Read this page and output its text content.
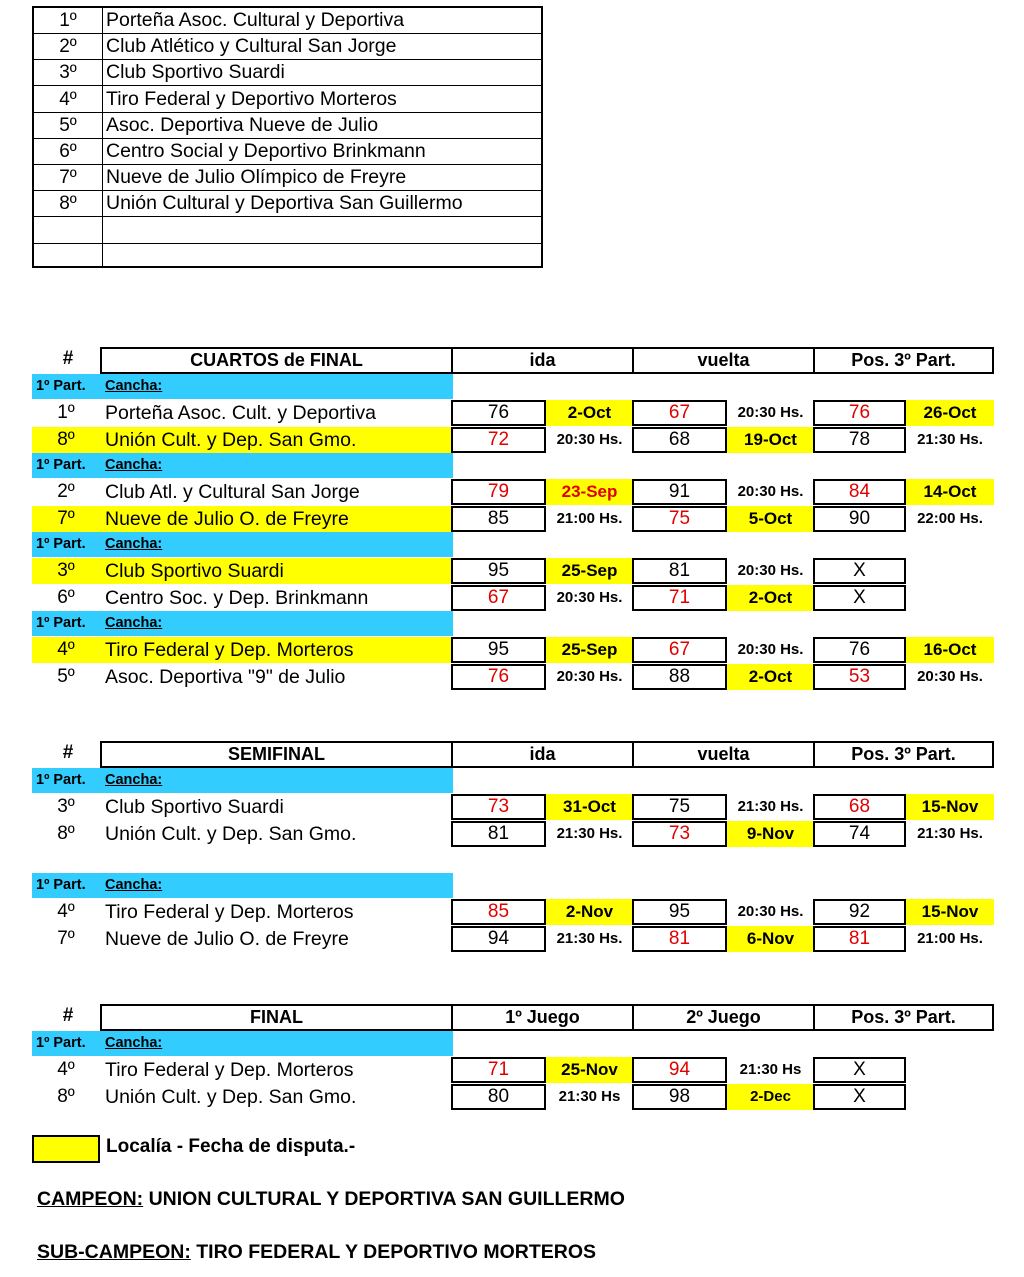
1º	Porteña Asoc. Cultural y Deportiva
2º	Club Atlético y Cultural San Jorge
3º	Club Sportivo Suardi
4º	Tiro Federal y Deportivo Morteros
5º	Asoc. Deportiva Nueve de Julio
6º	Centro Social y Deportivo Brinkmann
7º	Nueve de Julio Olímpico de Freyre
8º	Unión Cultural y Deportiva San Guillermo
#	CUARTOS de FINAL	ida	vuelta	Pos. 3º Part.
1º Part. Cancha:
1º	Porteña Asoc. Cult. y Deportiva	76	2-Oct	67	20:30 Hs.	76	26-Oct
8º	Unión Cult. y Dep. San Gmo.	72	20:30 Hs.	68	19-Oct	78	21:30 Hs.
1º Part. Cancha:
2º	Club Atl. y Cultural San Jorge	79	23-Sep	91	20:30 Hs.	84	14-Oct
7º	Nueve de Julio O. de Freyre	85	21:00 Hs.	75	5-Oct	90	22:00 Hs.
1º Part. Cancha:
3º	Club Sportivo Suardi	95	25-Sep	81	20:30 Hs.	X
6º	Centro Soc. y Dep. Brinkmann	67	20:30 Hs.	71	2-Oct	X
1º Part. Cancha:
4º	Tiro Federal y Dep. Morteros	95	25-Sep	67	20:30 Hs.	76	16-Oct
5º	Asoc. Deportiva "9" de Julio	76	20:30 Hs.	88	2-Oct	53	20:30 Hs.
#	SEMIFINAL	ida	vuelta	Pos. 3º Part.
1º Part. Cancha:
3º	Club Sportivo Suardi	73	31-Oct	75	21:30 Hs.	68	15-Nov
8º	Unión Cult. y Dep. San Gmo.	81	21:30 Hs.	73	9-Nov	74	21:30 Hs.
1º Part. Cancha:
4º	Tiro Federal y Dep. Morteros	85	2-Nov	95	20:30 Hs.	92	15-Nov
7º	Nueve de Julio O. de Freyre	94	21:30 Hs.	81	6-Nov	81	21:00 Hs.
#	FINAL	1º Juego	2º Juego	Pos. 3º Part.
1º Part. Cancha:
4º	Tiro Federal y Dep. Morteros	71	25-Nov	94	21:30 Hs	X
8º	Unión Cult. y Dep. San Gmo.	80	21:30 Hs	98	2-Dec	X
Localía - Fecha de disputa.-
CAMPEON: UNION CULTURAL Y DEPORTIVA SAN GUILLERMO
SUB-CAMPEON: TIRO FEDERAL Y DEPORTIVO MORTEROS
